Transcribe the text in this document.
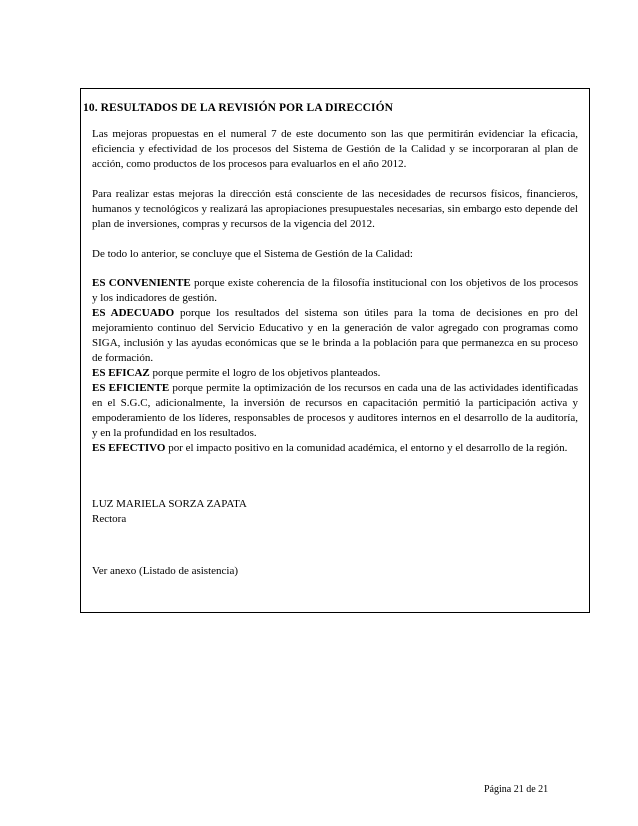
10. RESULTADOS DE LA REVISIÓN POR LA DIRECCIÓN

Las mejoras propuestas en el numeral 7 de este documento son las que permitirán evidenciar la eficacia, eficiencia y efectividad de los procesos del Sistema de Gestión de la Calidad y se incorporaran al plan de acción, como productos de los procesos para evaluarlos en el año 2012.

Para realizar estas mejoras la dirección está consciente de las necesidades de recursos físicos, financieros, humanos y tecnológicos y realizará las apropiaciones presupuestales necesarias, sin embargo esto depende del plan de inversiones, compras y recursos de la vigencia del 2012.

De todo lo anterior, se concluye que el Sistema de Gestión de la Calidad:

ES CONVENIENTE porque existe coherencia de la filosofía institucional con los objetivos de los procesos y los indicadores de gestión.

ES ADECUADO porque los resultados del sistema son útiles para la toma de decisiones en pro del mejoramiento continuo del Servicio Educativo y en la generación de valor agregado con programas como SIGA, inclusión y las ayudas económicas que se le brinda a la población para que permanezca en su proceso de formación.

ES EFICAZ porque permite el logro de los objetivos planteados.

ES EFICIENTE porque permite la optimización de los recursos en cada una de las actividades identificadas en el S.G.C, adicionalmente, la inversión de recursos en capacitación permitió la participación activa y empoderamiento de los líderes, responsables de procesos y auditores internos en el desarrollo de la auditoría, y en la profundidad en los resultados.

ES EFECTIVO por el impacto positivo en la comunidad académica, el entorno y el desarrollo de la región.

LUZ MARIELA SORZA ZAPATA
Rectora
Ver anexo (Listado de asistencia)
Página 21 de 21
